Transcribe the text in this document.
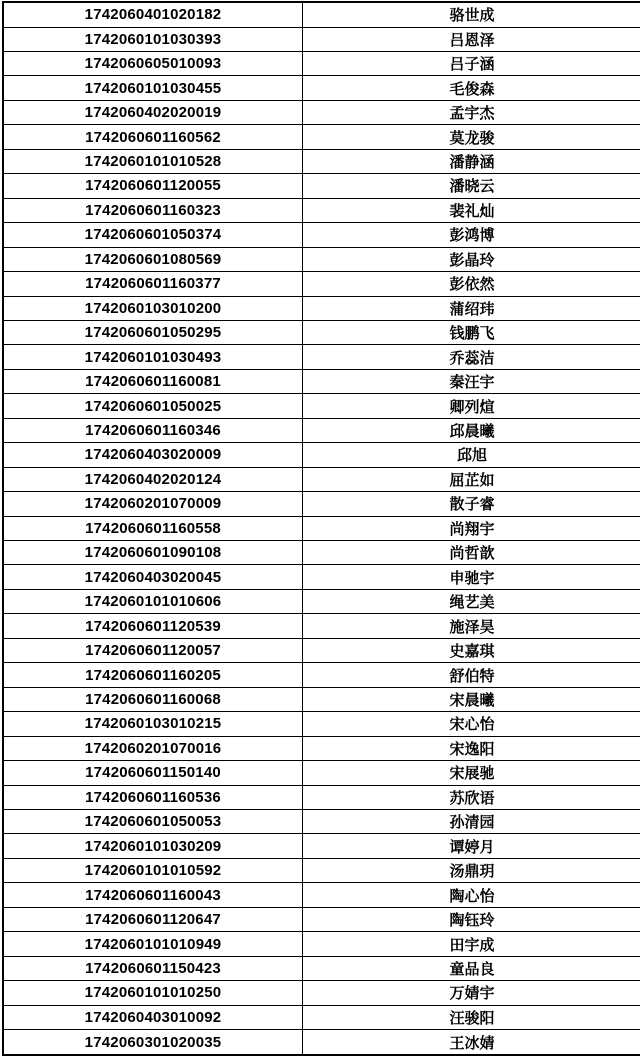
1742060401020182	骆世成
1742060101030393	吕恩泽
1742060605010093	吕子涵
1742060101030455	毛俊森
1742060402020019	孟宇杰
1742060601160562	莫龙骏
1742060101010528	潘静涵
1742060601120055	潘晓云
1742060601160323	裴礼灿
1742060601050374	彭鸿博
1742060601080569	彭晶玲
1742060601160377	彭依然
1742060103010200	蒲绍玮
1742060601050295	钱鹏飞
1742060101030493	乔蕊洁
1742060601160081	秦汪宇
1742060601050025	卿列煊
1742060601160346	邱晨曦
1742060403020009	邱旭
1742060402020124	屈芷如
1742060201070009	散子睿
1742060601160558	尚翔宇
1742060601090108	尚哲歆
1742060403020045	申驰宇
1742060101010606	绳艺美
1742060601120539	施泽昊
1742060601120057	史嘉琪
1742060601160205	舒伯特
1742060601160068	宋晨曦
1742060103010215	宋心怡
1742060201070016	宋逸阳
1742060601150140	宋展驰
1742060601160536	苏欣语
1742060601050053	孙清园
1742060101030209	谭婷月
1742060101010592	汤鼎玥
1742060601160043	陶心怡
1742060601120647	陶钰玲
1742060101010949	田宇成
1742060601150423	童品良
1742060101010250	万婧宇
1742060403010092	汪骏阳
1742060301020035	王冰婧
